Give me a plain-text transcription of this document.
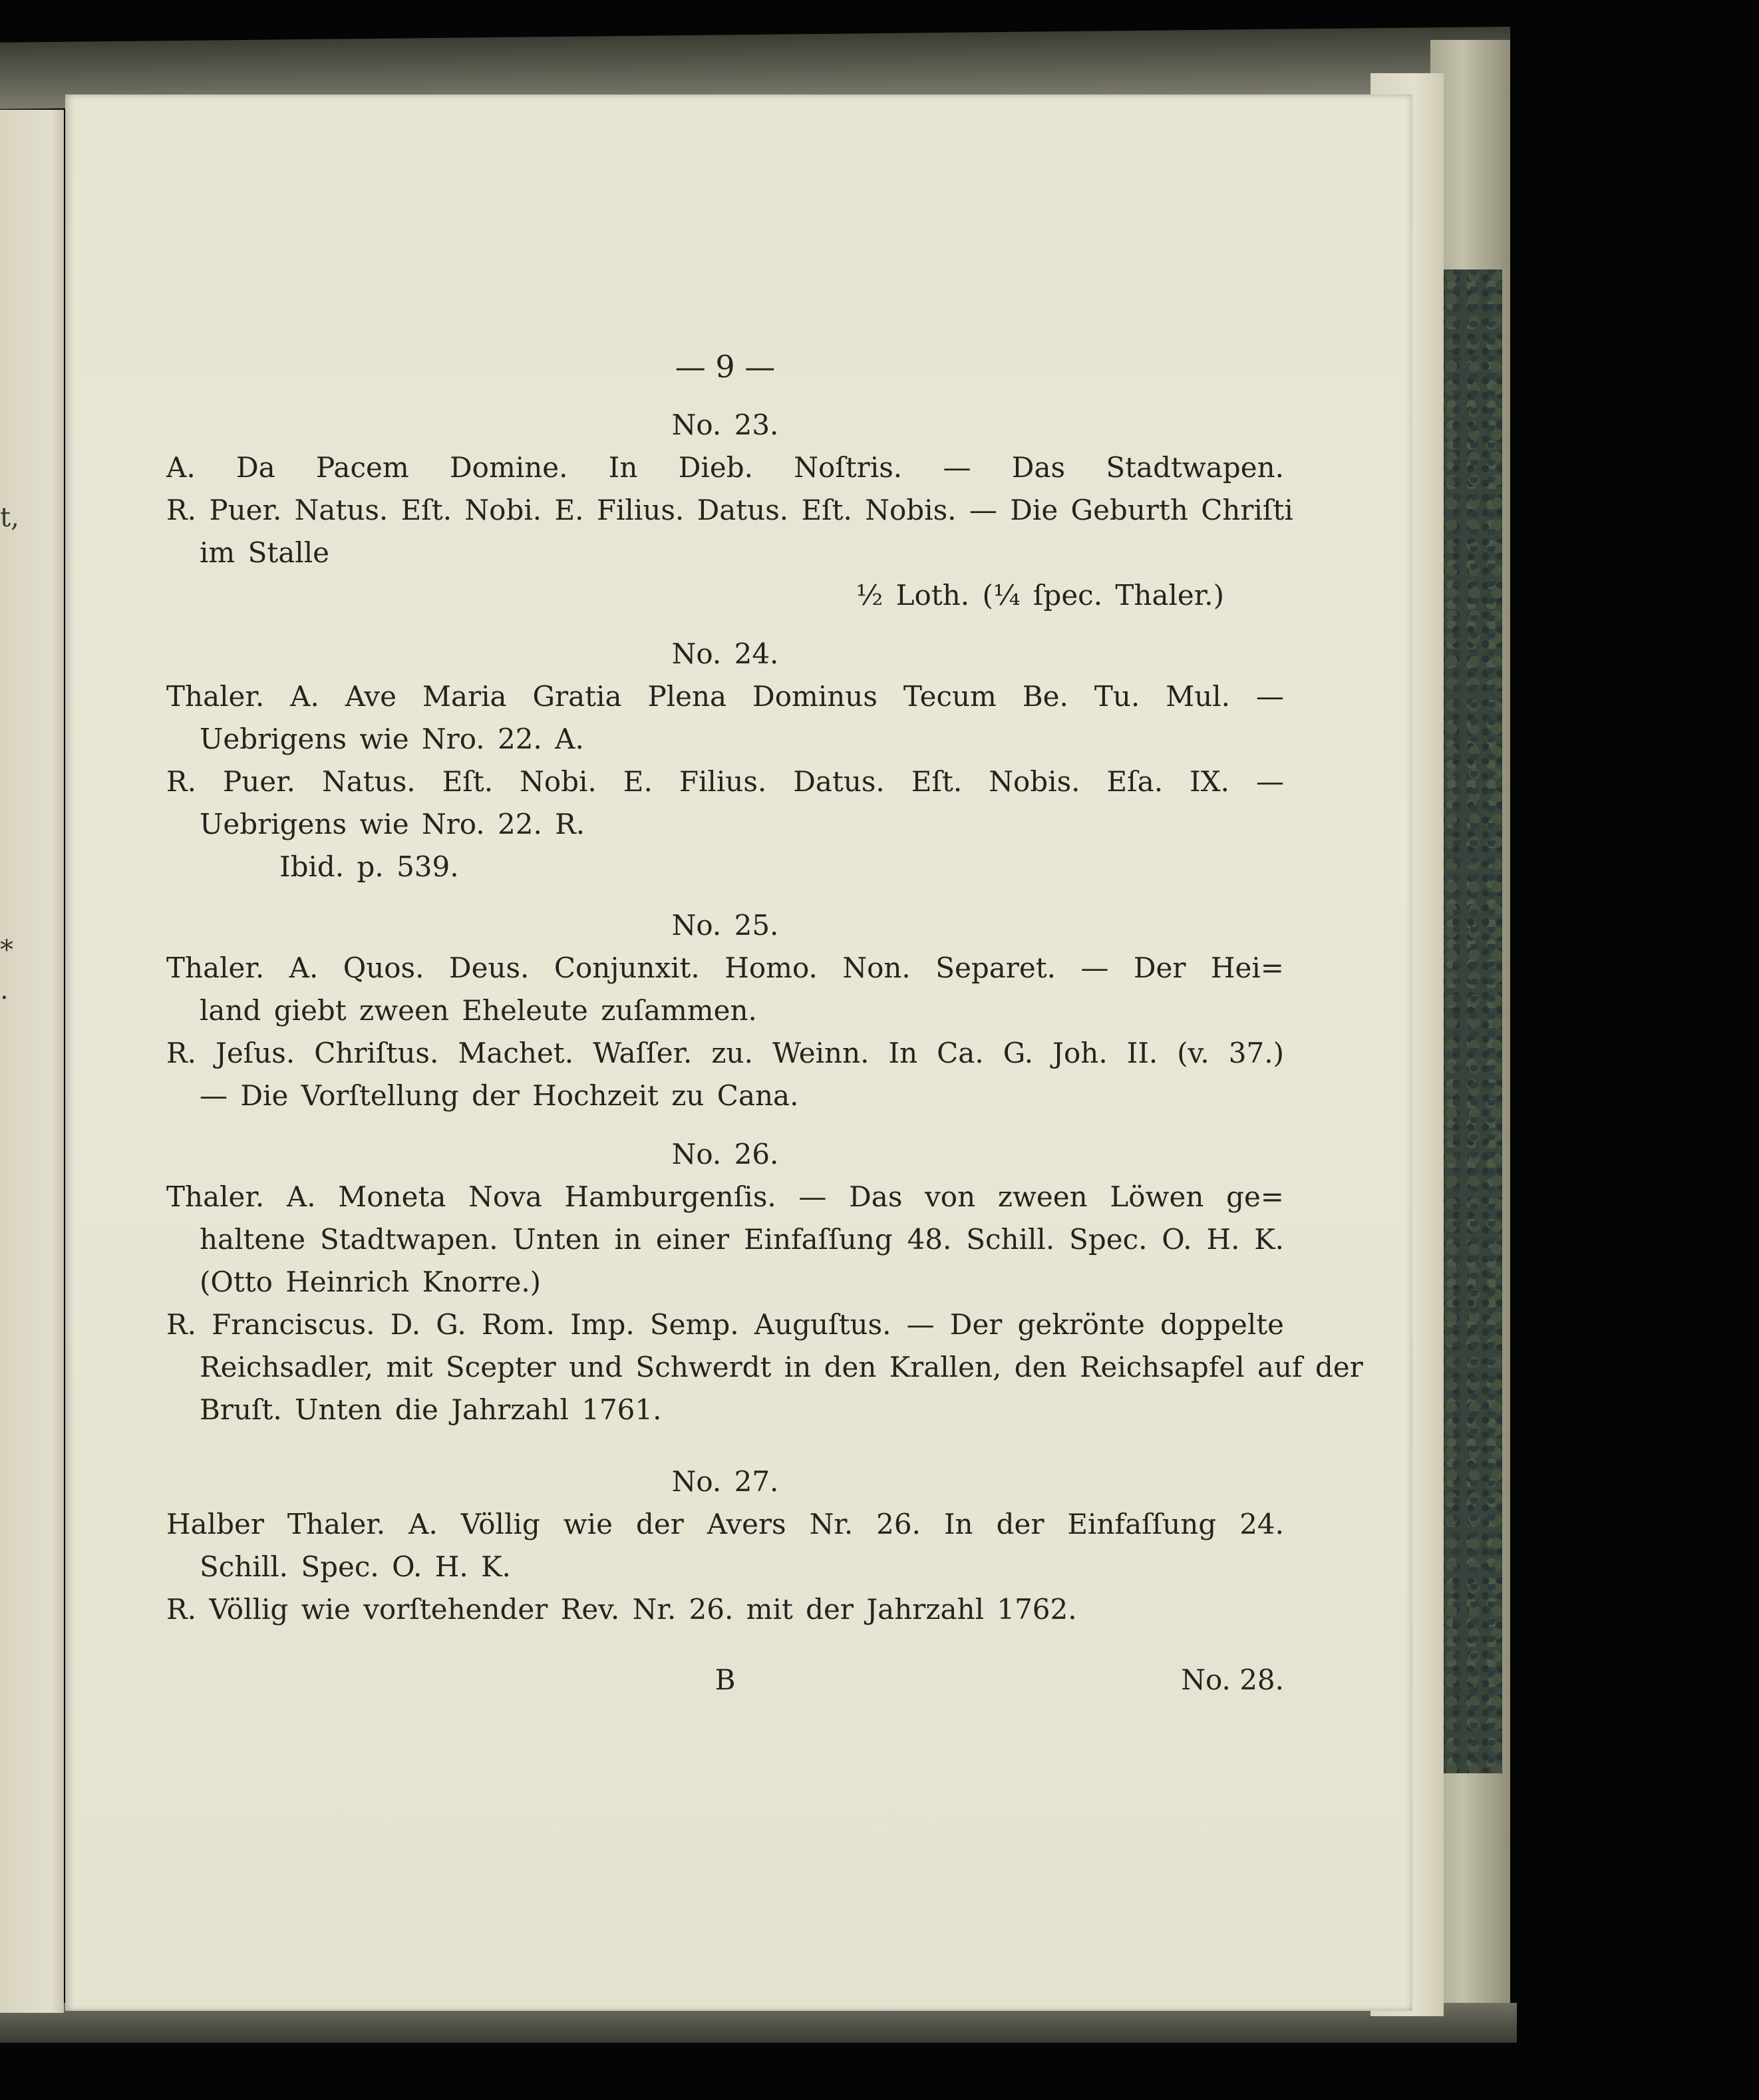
t,
*
.
— 9 —
No. 23.
A. Da Pacem Domine. In Dieb. Noſtris. — Das Stadtwapen.
R. Puer. Natus. Eſt. Nobi. E. Filius. Datus. Eſt. Nobis. — Die Geburth Chriſti
im Stalle
½ Loth. (¼ ſpec. Thaler.)
No. 24.
Thaler. A. Ave Maria Gratia Plena Dominus Tecum Be. Tu. Mul. —
Uebrigens wie Nro. 22. A.
R. Puer. Natus. Eſt. Nobi. E. Filius. Datus. Eſt. Nobis. Eſa. IX. —
Uebrigens wie Nro. 22. R.
Ibid. p. 539.
No. 25.
Thaler. A. Quos. Deus. Conjunxit. Homo. Non. Separet. — Der Hei=
land giebt zween Eheleute zuſammen.
R. Jeſus. Chriſtus. Machet. Waſſer. zu. Weinn. In Ca. G. Joh. II. (v. 37.)
— Die Vorſtellung der Hochzeit zu Cana.
No. 26.
Thaler. A. Moneta Nova Hamburgenſis. — Das von zween Löwen ge=
haltene Stadtwapen. Unten in einer Einfaſſung 48. Schill. Spec. O. H. K.
(Otto Heinrich Knorre.)
R. Franciscus. D. G. Rom. Imp. Semp. Auguſtus. — Der gekrönte doppelte
Reichsadler, mit Scepter und Schwerdt in den Krallen, den Reichsapfel auf der
Bruſt. Unten die Jahrzahl 1761.
No. 27.
Halber Thaler. A. Völlig wie der Avers Nr. 26. In der Einfaſſung 24.
Schill. Spec. O. H. K.
R. Völlig wie vorſtehender Rev. Nr. 26. mit der Jahrzahl 1762.
B	No. 28.
